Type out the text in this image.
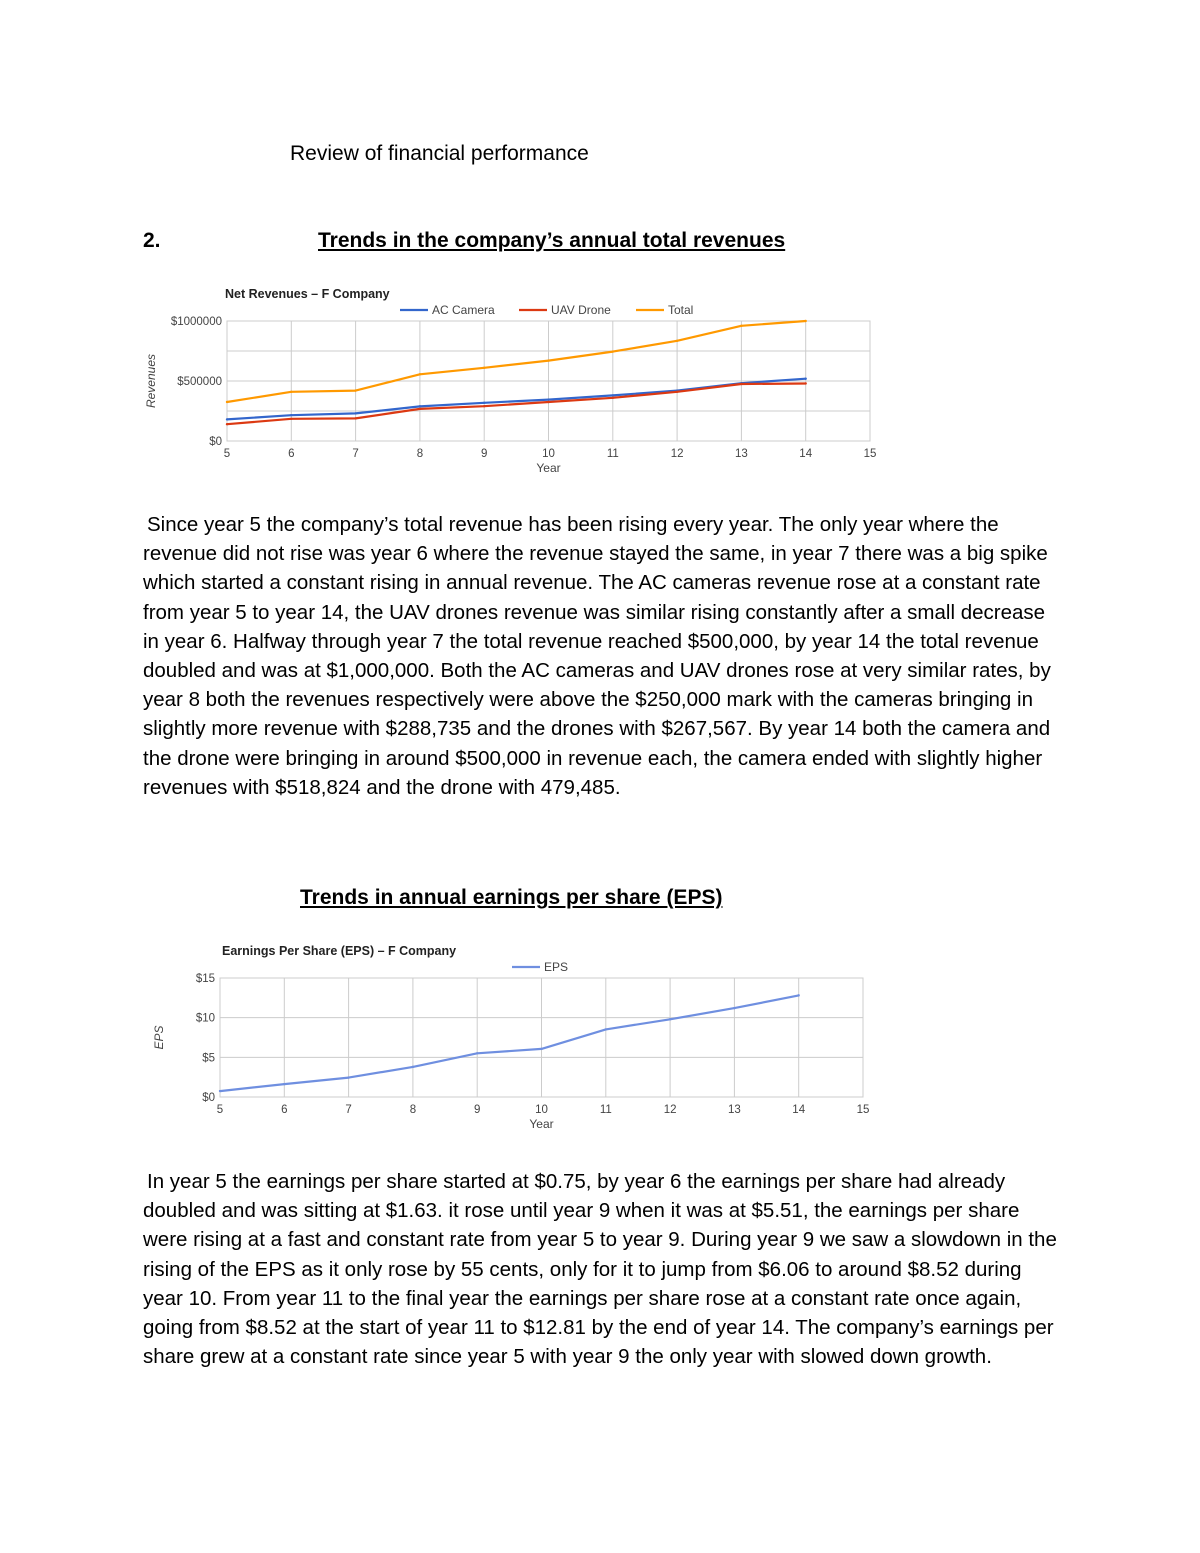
Review of financial performance
2.	Trends in the company’s annual total revenues
5	6	7	8	9	10	11	12	13	14	15
$0
$500000
$1000000
Net Revenues – F Company
Year
Revenues
AC Camera	UAV Drone	Total

Since year 5 the company’s total revenue has been rising every year. The only year where the revenue did not rise was year 6 where the revenue stayed the same, in year 7 there was a big spike which started a constant rising in annual revenue. The AC cameras revenue rose at a constant rate from year 5 to year 14, the UAV drones revenue was similar rising constantly after a small decrease in year 6. Halfway through year 7 the total revenue reached $500,000, by year 14 the total revenue doubled and was at $1,000,000. Both the AC cameras and UAV drones rose at very similar rates, by year 8 both the revenues respectively were above the $250,000 mark with the cameras bringing in slightly more revenue with $288,735 and the drones with $267,567. By year 14 both the camera and the drone were bringing in around $500,000 in revenue each, the camera ended with slightly higher revenues with $518,824 and the drone with 479,485.

Trends in annual earnings per share (EPS)
5	6	7	8	9	10	11	12	13	14	15
$0
$5
$10
$15
Earnings Per Share (EPS) – F Company
Year
EPS
EPS

In year 5 the earnings per share started at $0.75, by year 6 the earnings per share had already doubled and was sitting at $1.63. it rose until year 9 when it was at $5.51, the earnings per share were rising at a fast and constant rate from year 5 to year 9. During year 9 we saw a slowdown in the rising of the EPS as it only rose by 55 cents, only for it to jump from $6.06 to around $8.52 during year 10. From year 11 to the final year the earnings per share rose at a constant rate once again, going from $8.52 at the start of year 11 to $12.81 by the end of year 14. The company’s earnings per share grew at a constant rate since year 5 with year 9 the only year with slowed down growth.
